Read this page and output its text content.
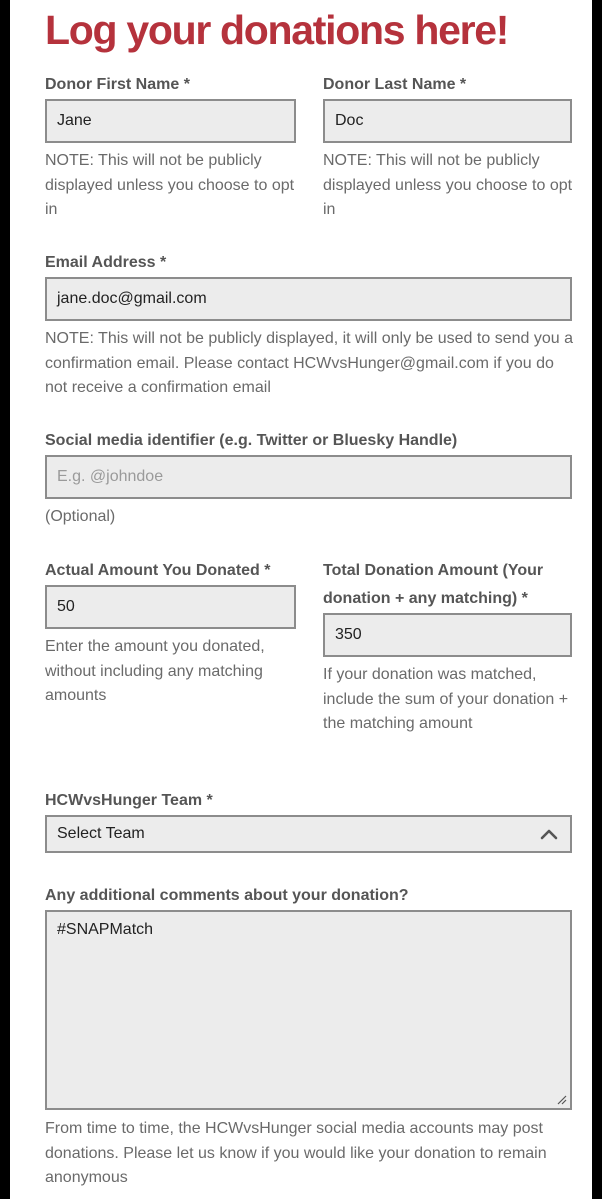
Log your donations here!
Donor First Name *
Jane
NOTE: This will not be publicly displayed unless you choose to opt in
Donor Last Name *
Doc
NOTE: This will not be publicly displayed unless you choose to opt in
Email Address *
jane.doc@gmail.com
NOTE: This will not be publicly displayed, it will only be used to send you a confirmation email. Please contact HCWvsHunger@gmail.com if you do not receive a confirmation email
Social media identifier (e.g. Twitter or Bluesky Handle)
E.g. @johndoe
(Optional)
Actual Amount You Donated *
50
Enter the amount you donated, without including any matching amounts
Total Donation Amount (Your donation + any matching) *
350
If your donation was matched, include the sum of your donation + the matching amount
HCWvsHunger Team *
Select Team
Any additional comments about your donation?
#SNAPMatch
From time to time, the HCWvsHunger social media accounts may post donations. Please let us know if you would like your donation to remain anonymous
